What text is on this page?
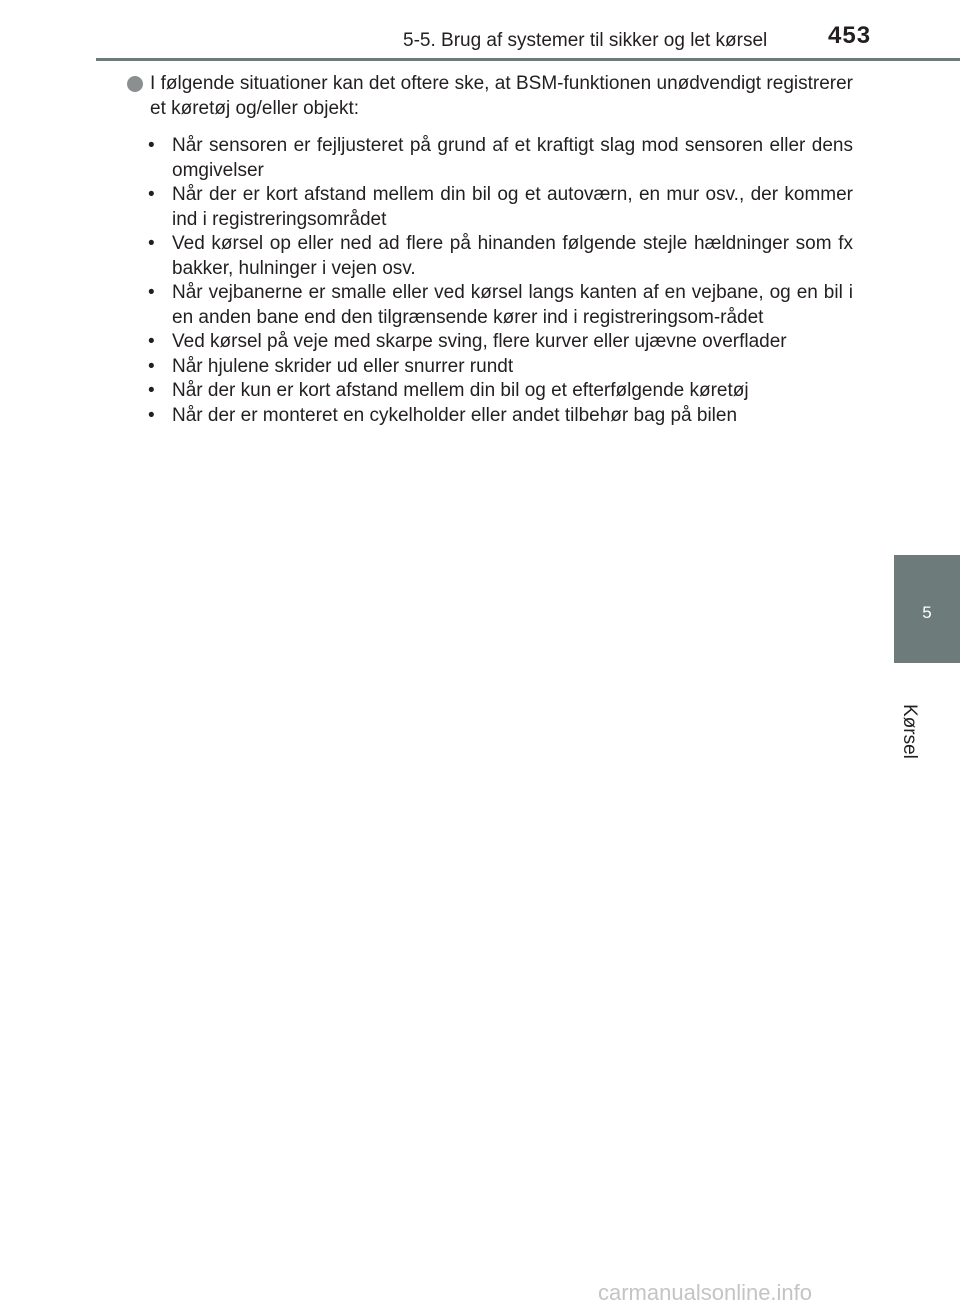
5-5. Brug af systemer til sikker og let kørsel	453
5
Kørsel
I følgende situationer kan det oftere ske, at BSM-funktionen unødvendigt registrerer et køretøj og/eller objekt:
• Når sensoren er fejljusteret på grund af et kraftigt slag mod sensoren eller dens omgivelser
• Når der er kort afstand mellem din bil og et autoværn, en mur osv., der kommer ind i registreringsområdet
• Ved kørsel op eller ned ad flere på hinanden følgende stejle hældninger som fx bakker, hulninger i vejen osv.
• Når vejbanerne er smalle eller ved kørsel langs kanten af en vejbane, og en bil i en anden bane end den tilgrænsende kører ind i registreringsom-rådet
• Ved kørsel på veje med skarpe sving, flere kurver eller ujævne overflader
• Når hjulene skrider ud eller snurrer rundt
• Når der kun er kort afstand mellem din bil og et efterfølgende køretøj
• Når der er monteret en cykelholder eller andet tilbehør bag på bilen
carmanualsonline.info
